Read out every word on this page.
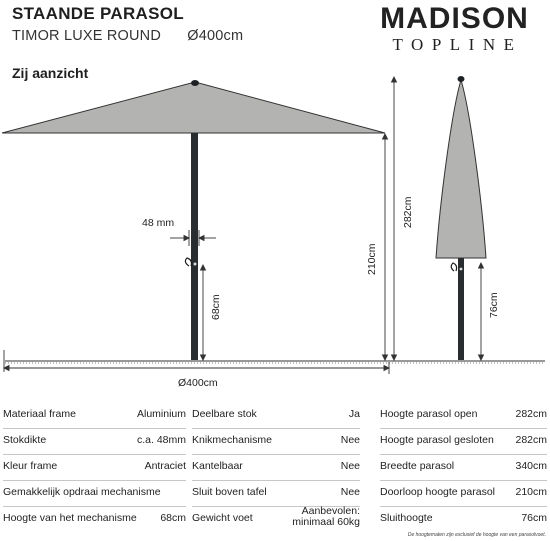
STAANDE PARASOL
TIMOR LUXE ROUND Ø400cm
Zij aanzicht
MADISON
TOPLINE
48 mm
68cm
210cm
282cm
Ø400cm
76cm
Materiaal frame	Aluminium
Stokdikte	c.a. 48mm
Kleur frame	Antraciet
Gemakkelijk opdraai mechanisme
Hoogte van het mechanisme 68cm
Deelbare stok	Ja
Knikmechanisme	Nee
Kantelbaar	Nee
Sluit boven tafel	Nee
Gewicht voet
Aanbevolen:
minimaal 60kg
Hoogte parasol open	282cm
Hoogte parasol gesloten 282cm
Breedte parasol	340cm
Doorloop hoogte parasol 210cm
Sluithoogte	76cm
De hoogtematen zijn exclusief de hoogte van een parasolvoet.
